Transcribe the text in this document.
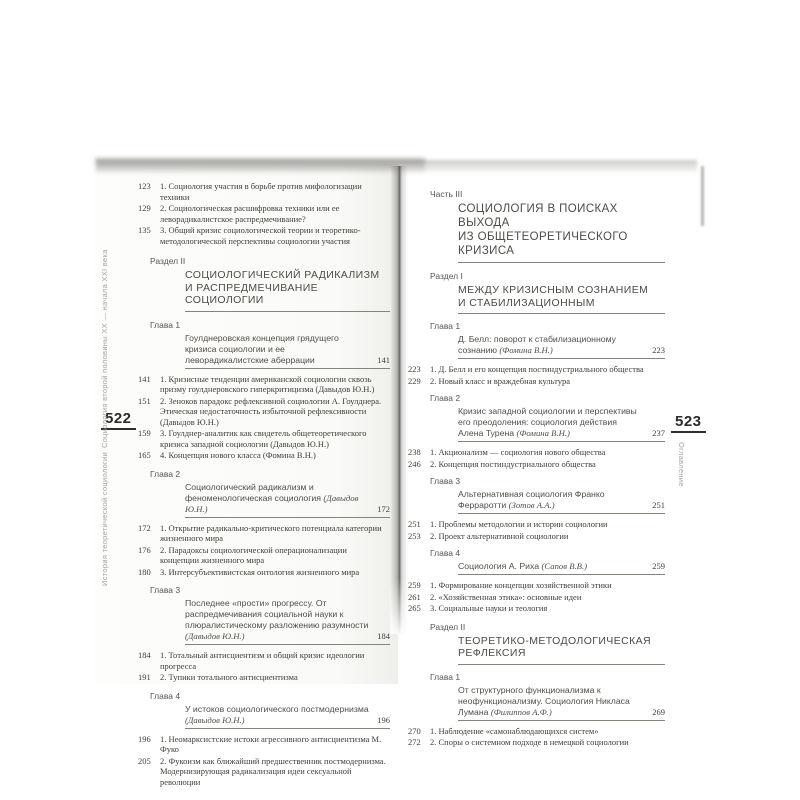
522	523
Социология второй половины XX — начала XXI века
История теоретической социологии	Оглавление
123	1. Социология участия в борьбе против мифологизации техники
129	2. Социологическая расшифровка техники или ее леворадикалистское распредмечивание?
135	3. Общий кризис социологической теории и теоретико-методологической перспективы социологии участия
Раздел II
СОЦИОЛОГИЧЕСКИЙ РАДИКАЛИЗМ
И РАСПРЕДМЕЧИВАНИЕ СОЦИОЛОГИИ
Глава 1
Гоулднеровская концепция грядущего кризиса социологии и ее леворадикалистские аберрации	141
141	1. Кризисные тенденции американской социологии сквозь призму гоулднеровского гиперкритицизма (Давыдов Ю.Н.)
151	2. Зеноков парадокс рефлексивной социологии А. Гоулднера. Этическая недостаточность избыточной рефлексивности (Давыдов Ю.Н.)
159	3. Гоулднер-аналитик как свидетель общетеоретического кризиса западной социологии (Давыдов Ю.Н.)
165	4. Концепция нового класса (Фомина В.Н.)
Глава 2
Социологический радикализм и феноменологическая социология (Давыдов Ю.Н.)	172
172	1. Открытие радикально-критического потенциала категории жизненного мира
176	2. Парадоксы социологической операционализации концепции жизненного мира
180	3. Интерсубъективистская онтология жизненного мира
Глава 3
Последнее «прости» прогрессу. От распредмечивания социальной науки к плюралистическому разложению разумности (Давыдов Ю.Н.)	184
184	1. Тотальный антисциентизм и общий кризис идеологии прогресса
191	2. Тупики тотального антисциентизма
Глава 4
У истоков социологического постмодернизма (Давыдов Ю.Н.)	196
196	1. Неомарксистские истоки агрессивного антисциентизма М. Фуко
205	2. Фукоизм как ближайший предшественник постмодернизма. Модернизирующая радикализация идеи сексуальной революции
Часть III
СОЦИОЛОГИЯ В ПОИСКАХ ВЫХОДА
ИЗ ОБЩЕТЕОРЕТИЧЕСКОГО КРИЗИСА
Раздел I
МЕЖДУ КРИЗИСНЫМ СОЗНАНИЕМ
И СТАБИЛИЗАЦИОННЫМ
Глава 1
Д. Белл: поворот к стабилизационному сознанию (Фомина В.Н.)	223
223	1. Д. Белл и его концепция постиндустриального общества
229	2. Новый класс и враждебная культура
Глава 2
Кризис западной социологии и перспективы его преодоления: социология действия Алена Турена (Фомина В.Н.)	237
238	1. Акционализм — социология нового общества
246	2. Концепция постиндустриального общества
Глава 3
Альтернативная социология Франко Ферраротти (Зотов А.А.)	251
251	1. Проблемы методологии и истории социологии
253	2. Проект альтернативной социологии
Глава 4
Социология А. Риха (Сапов В.В.)	259
259	1. Формирование концепции хозяйственной этики
261	2. «Хозяйственная этика»: основные идеи
265	3. Социальные науки и теология
Раздел II
ТЕОРЕТИКО-МЕТОДОЛОГИЧЕСКАЯ
РЕФЛЕКСИЯ
Глава 1
От структурного функционализма к неофункционализму. Социология Никласа Лумана (Филиппов А.Ф.)	269
270	1. Наблюдение «самонаблюдающихся систем»
272	2. Споры о системном подходе в немецкой социологии
